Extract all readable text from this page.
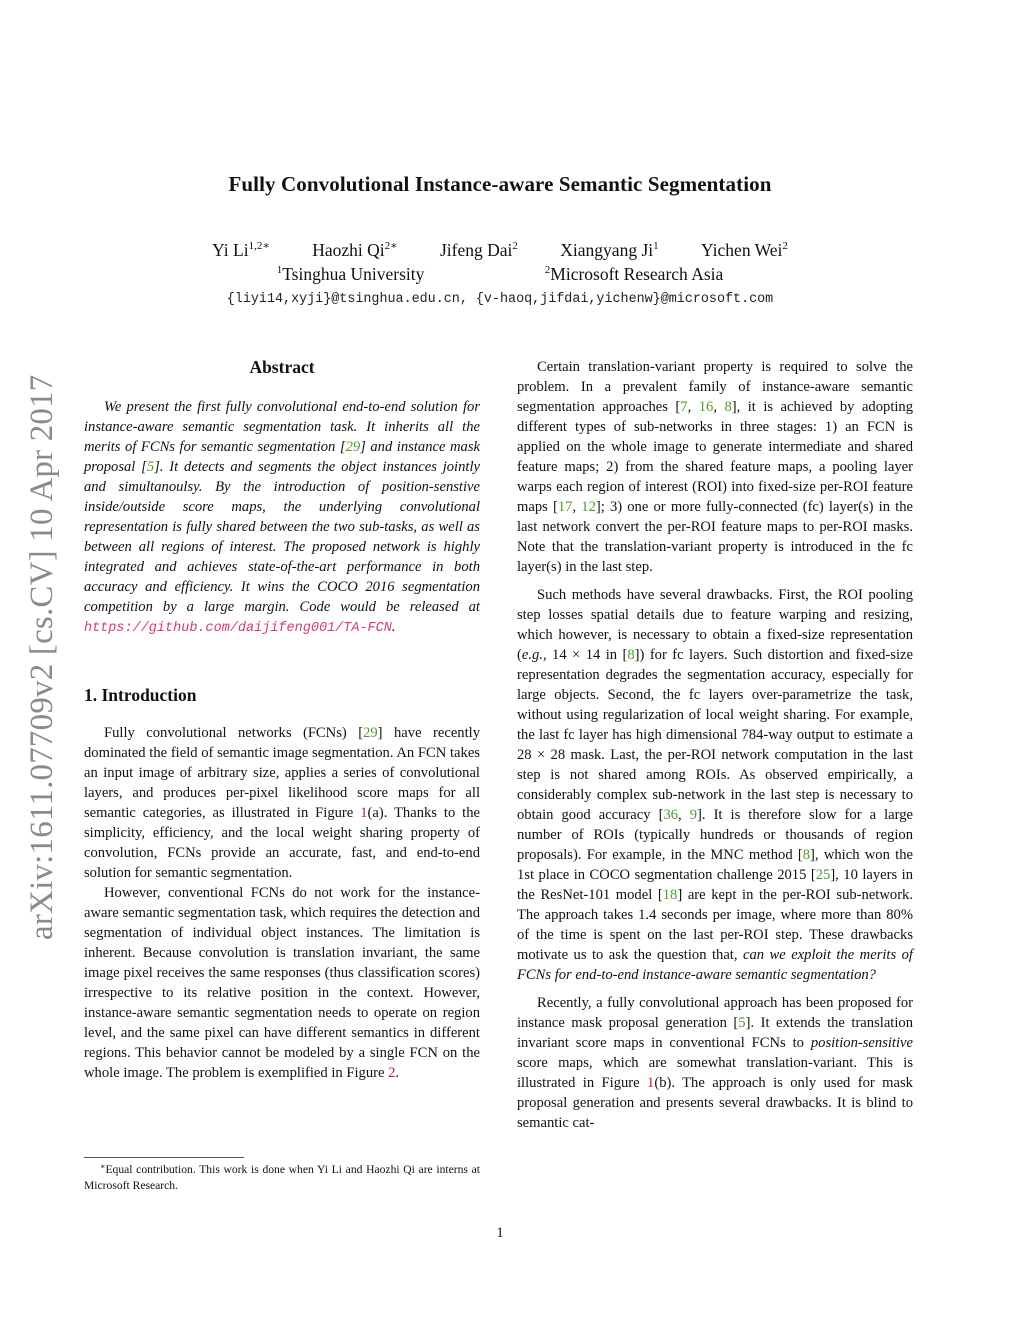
arXiv:1611.07709v2 [cs.CV] 10 Apr 2017
Fully Convolutional Instance-aware Semantic Segmentation
Yi $Li^{1,2∗}$ Haozhi $Qi^{2∗}$ Jifeng Dai$^2$ Xiangyang Ji$^1$ Yichen Wei$^2$
$^1$Tsinghua University	$^2$Microsoft Research Asia
{liyi14,xyji}@tsinghua.edu.cn, {v-haoq,jifdai,yichenw}@microsoft.com
Abstract

We present the first fully convolutional end-to-end solution for instance-aware semantic segmentation task. It inherits all the merits of FCNs for semantic segmentation [29] and instance mask proposal [5]. It detects and segments the object instances jointly and simultanoulsy. By the introduction of position-senstive inside/outside score maps, the underlying convolutional representation is fully shared between the two sub-tasks, as well as between all regions of interest. The proposed network is highly integrated and achieves state-of-the-art performance in both accuracy and efficiency. It wins the COCO 2016 segmentation competition by a large margin. Code would be released at https://github.com/daijifeng001/TA-FCN.

1. Introduction

Fully convolutional networks (FCNs) [29] have recently dominated the field of semantic image segmentation. An FCN takes an input image of arbitrary size, applies a series of convolutional layers, and produces per-pixel likelihood score maps for all semantic categories, as illustrated in Figure 1(a). Thanks to the simplicity, efficiency, and the local weight sharing property of convolution, FCNs provide an accurate, fast, and end-to-end solution for semantic segmentation.

However, conventional FCNs do not work for the instance-aware semantic segmentation task, which requires the detection and segmentation of individual object instances. The limitation is inherent. Because convolution is translation invariant, the same image pixel receives the same responses (thus classification scores) irrespective to its relative position in the context. However, instance-aware semantic segmentation needs to operate on region level, and the same pixel can have different semantics in different regions. This behavior cannot be modeled by a single FCN on the whole image. The problem is exemplified in Figure 2.

Certain translation-variant property is required to solve the problem. In a prevalent family of instance-aware semantic segmentation approaches [7, 16, 8], it is achieved by adopting different types of sub-networks in three stages: 1) an FCN is applied on the whole image to generate intermediate and shared feature maps; 2) from the shared feature maps, a pooling layer warps each region of interest (ROI) into fixed-size per-ROI feature maps [17, 12]; 3) one or more fully-connected (fc) layer(s) in the last network convert the per-ROI feature maps to per-ROI masks. Note that the translation-variant property is introduced in the fc layer(s) in the last step.

Such methods have several drawbacks. First, the ROI pooling step losses spatial details due to feature warping and resizing, which however, is necessary to obtain a fixed-size representation (e.g., 14 × 14 in [8]) for fc layers. Such distortion and fixed-size representation degrades the segmentation accuracy, especially for large objects. Second, the fc layers over-parametrize the task, without using regularization of local weight sharing. For example, the last fc layer has high dimensional 784-way output to estimate a 28 × 28 mask. Last, the per-ROI network computation in the last step is not shared among ROIs. As observed empirically, a considerably complex sub-network in the last step is necessary to obtain good accuracy [36, 9]. It is therefore slow for a large number of ROIs (typically hundreds or thousands of region proposals). For example, in the MNC method [8], which won the 1st place in COCO segmentation challenge 2015 [25], 10 layers in the ResNet-101 model [18] are kept in the per-ROI sub-network. The approach takes 1.4 seconds per image, where more than 80% of the time is spent on the last per-ROI step. These drawbacks motivate us to ask the question that, can we exploit the merits of FCNs for end-to-end instance-aware semantic segmentation?

Recently, a fully convolutional approach has been proposed for instance mask proposal generation [5]. It extends the translation invariant score maps in conventional FCNs to position-sensitive score maps, which are somewhat translation-variant. This is illustrated in Figure 1(b). The approach is only used for mask proposal generation and presents several drawbacks. It is blind to semantic cat-

∗Equal contribution. This work is done when Yi Li and Haozhi Qi are interns at Microsoft Research.
1
